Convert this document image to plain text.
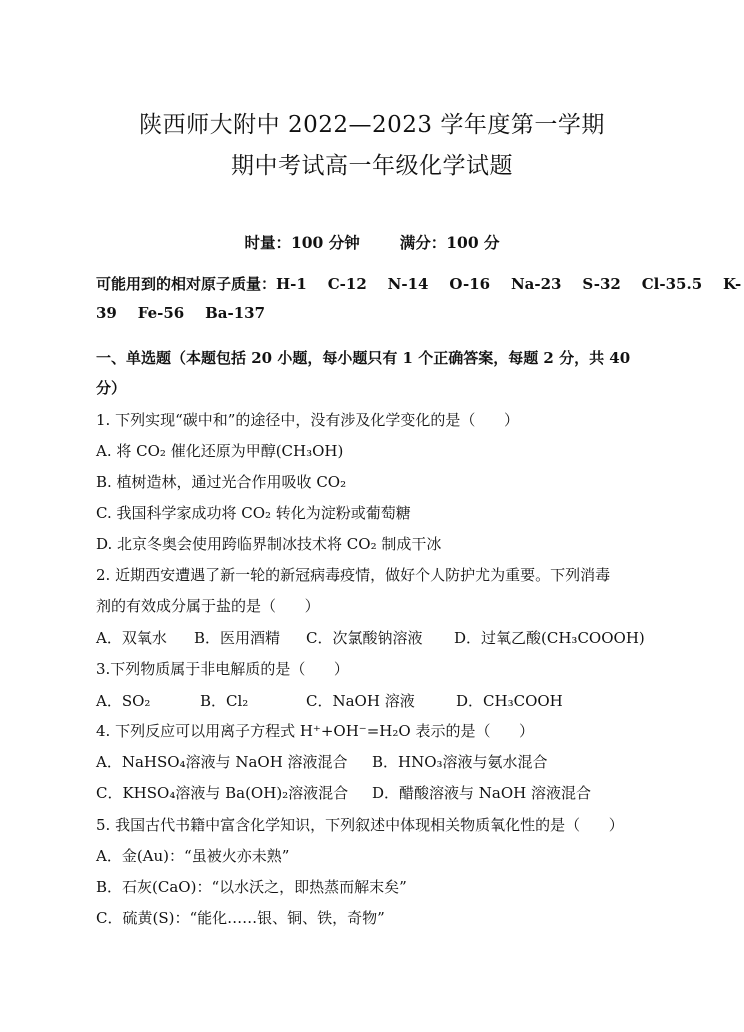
陕西师大附中 2022—2023 学年度第一学期
期中考试高一年级化学试题
时量：100 分钟	满分：100 分
可能用到的相对原子质量：H-1    C-12    N-14    O-16    Na-23    S-32    Cl-35.5    K-
39    Fe-56    Ba-137
一、单选题（本题包括 20 小题，每小题只有 1 个正确答案，每题 2 分，共 40
分）
1. 下列实现“碳中和”的途径中，没有涉及化学变化的是（      ）
A. 将 CO₂ 催化还原为甲醇(CH₃OH)
B. 植树造林，通过光合作用吸收 CO₂
C. 我国科学家成功将 CO₂ 转化为淀粉或葡萄糖
D. 北京冬奥会使用跨临界制冰技术将 CO₂ 制成干冰
2. 近期西安遭遇了新一轮的新冠病毒疫情，做好个人防护尤为重要。下列消毒
剂的有效成分属于盐的是（      ）
A．双氧水 B．医用酒精 C．次氯酸钠溶液 D．过氧乙酸(CH₃COOOH)
3.下列物质属于非电解质的是（      ）
A．SO₂	B．Cl₂	C．NaOH 溶液	D．CH₃COOH
4. 下列反应可以用离子方程式 H⁺+OH⁻=H₂O 表示的是（      ）
A．NaHSO₄溶液与 NaOH 溶液混合 B．HNO₃溶液与氨水混合
C．KHSO₄溶液与 Ba(OH)₂溶液混合 D．醋酸溶液与 NaOH 溶液混合
5. 我国古代书籍中富含化学知识，下列叙述中体现相关物质氧化性的是（      ）
A．金(Au)：“虽被火亦未熟”
B．石灰(CaO)：“以水沃之，即热蒸而解末矣”
C．硫黄(S)：“能化……银、铜、铁，奇物”
